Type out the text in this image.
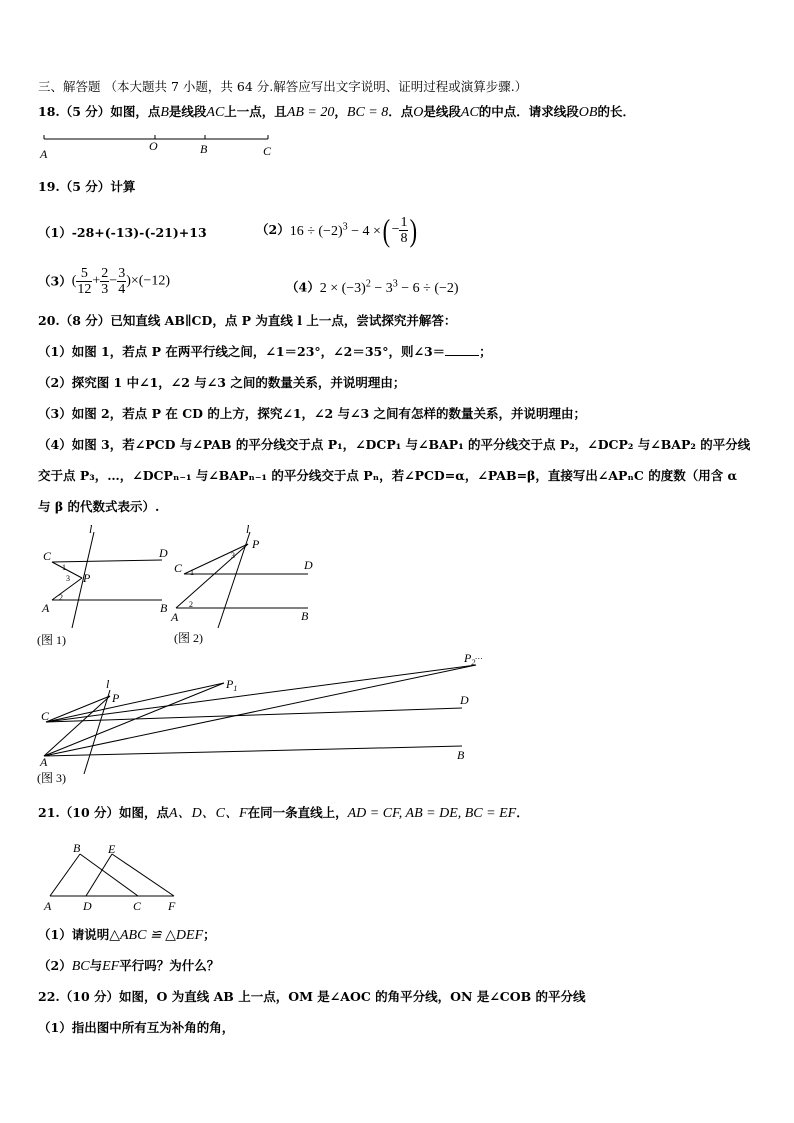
三、解答题 （本大题共 7 小题，共 64 分.解答应写出文字说明、证明过程或演算步骤.）
18.（5 分）如图，点B是线段AC上一点，且AB = 20，BC = 8．点O是线段AC的中点．请求线段OB的长．
A
O	B	C
19.（5 分）计算
（1）-28+(-13)-(-21)+13	$(2)16 \div (-2)^3 - 4$ ×( − $\frac{1}{8}$ )
$(3)( \frac{5}{12} + \frac{2}{3} - \frac{3}{4} )\times(-12)$	$(4)2 \times (-3)^2 - 3^3 - 6 \div (-2)$
20.（8 分）已知直线 AB∥CD，点 P 为直线 l 上一点，尝试探究并解答：
（1）如图 1，若点 P 在两平行线之间，∠1＝23°，∠2＝35°，则∠3＝	；
（2）探究图 1 中∠1，∠2 与∠3 之间的数量关系，并说明理由；
（3）如图 2，若点 P 在 CD 的上方，探究∠1，∠2 与∠3 之间有怎样的数量关系，并说明理由；
（4）如图 3，若∠PCD 与∠PAB 的平分线交于点 P₁，∠DCP₁ 与∠BAP₁ 的平分线交于点 P₂，∠DCP₂ 与∠BAP₂ 的平分线
交于点 P₃，…，∠DCPₙ₋₁ 与∠BAPₙ₋₁ 的平分线交于点 Pₙ，若∠PCD=α，∠PAB=β，直接写出∠APₙC 的度数（用含 α
与 β 的代数式表示）.
l
C	D
P
A	B
1
2
3
(图 1)
l
P
C	D
A	B
1
2
3
(图 2)
l
P
$P_1$
$P_2^\dots$
C
D
A	B
(图 3)
21.（10 分）如图，点A、D、C、F在同一条直线上，AD = CF, AB = DE, BC = EF．
B E
A	D	C F
（1）请说明△ABC ≌ △DEF；
（2）BC与EF平行吗？为什么？
22.（10 分）如图，O 为直线 AB 上一点，OM 是∠AOC 的角平分线，ON 是∠COB 的平分线
（1）指出图中所有互为补角的角，
